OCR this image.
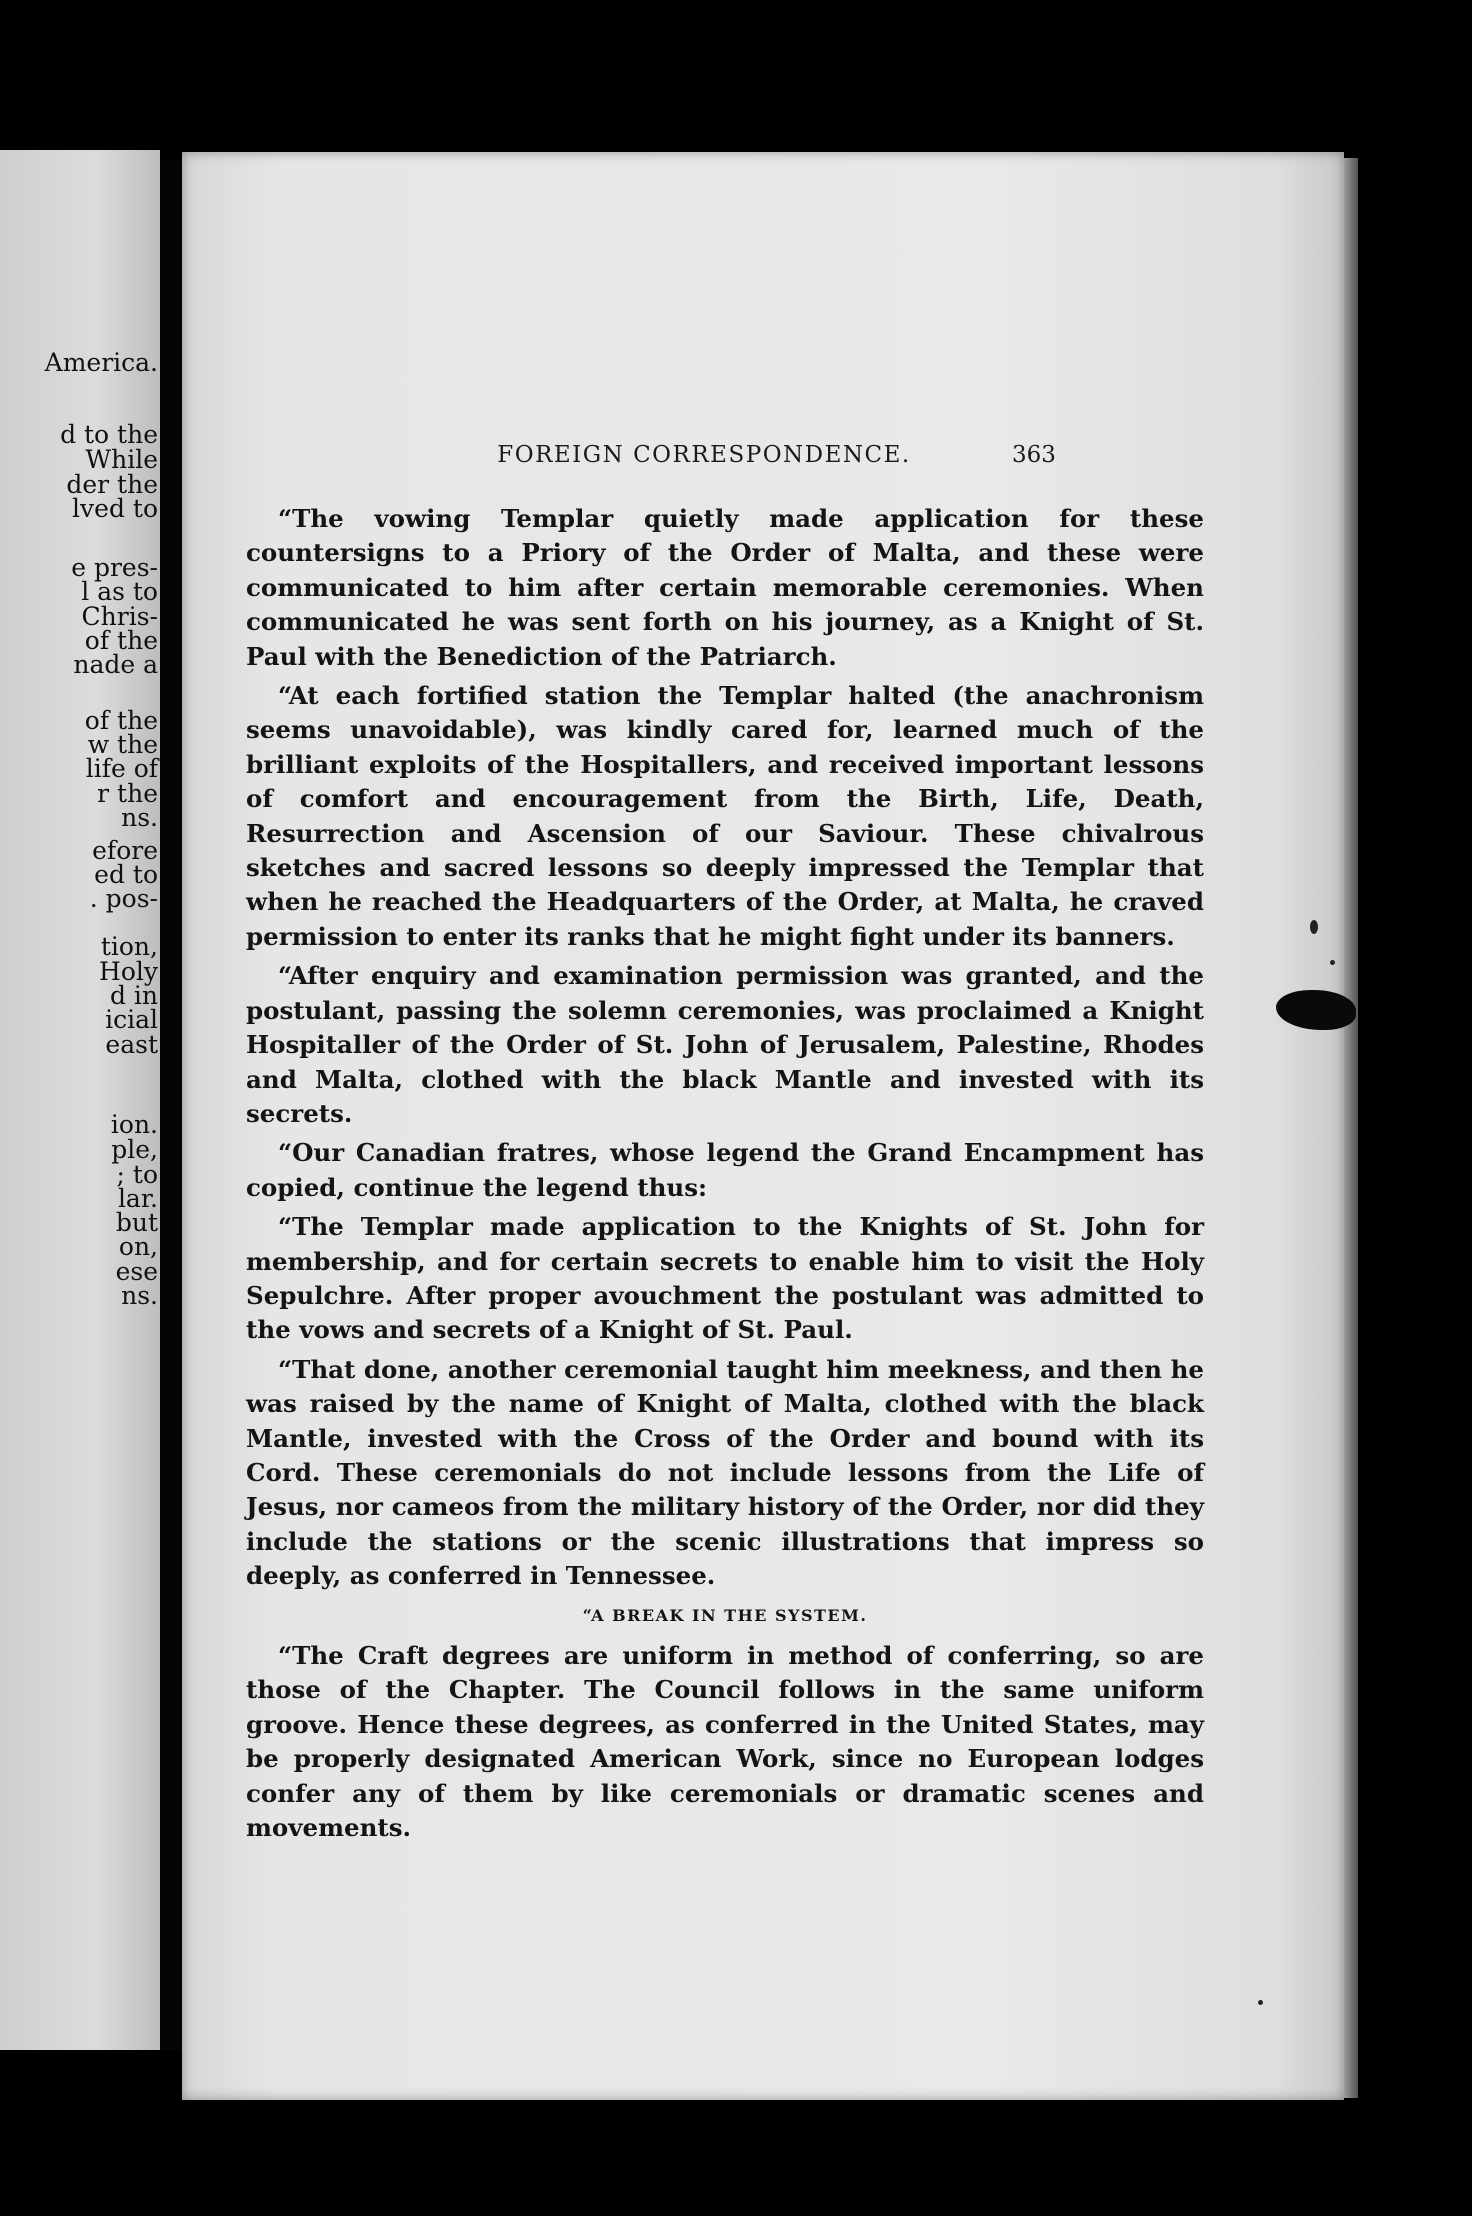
America.
d to the
While
der the
lved to
e pres-
l as to
Chris-
of the
nade a
of the
w the
life of
r the
ns.
efore
ed to
. pos-
tion,
Holy
d in
icial
east
ion.
ple,
; to
lar.
but
on,
ese
ns.
FOREIGN CORRESPONDENCE.	363

“The vowing Templar quietly made application for these countersigns to a Priory of the Order of Malta, and these were communicated to him after certain memorable ceremonies. When communicated he was sent forth on his journey, as a Knight of St. Paul with the Benediction of the Patriarch.

“At each fortified station the Templar halted (the anachronism seems unavoidable), was kindly cared for, learned much of the brilliant exploits of the Hospitallers, and received important lessons of comfort and encouragement from the Birth, Life, Death, Resurrection and Ascension of our Saviour. These chivalrous sketches and sacred lessons so deeply impressed the Templar that when he reached the Headquarters of the Order, at Malta, he craved permission to enter its ranks that he might fight under its banners.

“After enquiry and examination permission was granted, and the postulant, passing the solemn ceremonies, was proclaimed a Knight Hospitaller of the Order of St. John of Jerusalem, Palestine, Rhodes and Malta, clothed with the black Mantle and invested with its secrets.

“Our Canadian fratres, whose legend the Grand Encampment has copied, continue the legend thus:

“The Templar made application to the Knights of St. John for membership, and for certain secrets to enable him to visit the Holy Sepulchre. After proper avouchment the postulant was admitted to the vows and secrets of a Knight of St. Paul.

“That done, another ceremonial taught him meekness, and then he was raised by the name of Knight of Malta, clothed with the black Mantle, invested with the Cross of the Order and bound with its Cord. These ceremonials do not include lessons from the Life of Jesus, nor cameos from the military history of the Order, nor did they include the stations or the scenic illustrations that impress so deeply, as conferred in Tennessee.

“A BREAK IN THE SYSTEM.

“The Craft degrees are uniform in method of conferring, so are those of the Chapter. The Council follows in the same uniform groove. Hence these degrees, as conferred in the United States, may be properly designated American Work, since no European lodges confer any of them by like ceremonials or dramatic scenes and movements.
